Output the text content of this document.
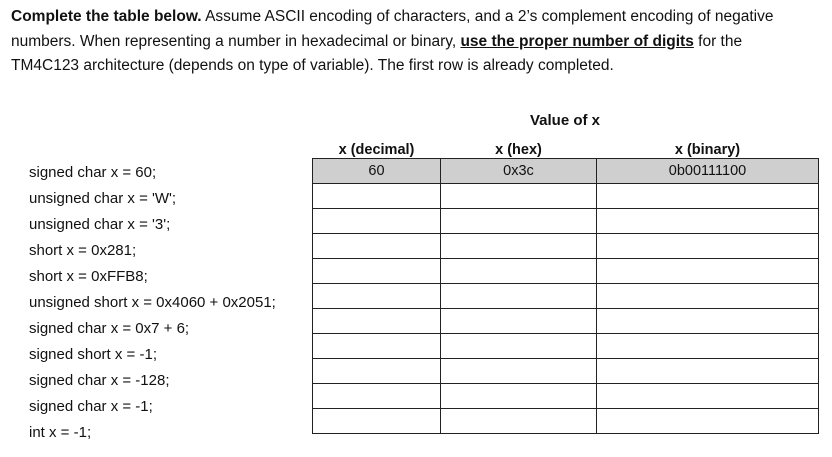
Complete the table below. Assume ASCII encoding of characters, and a 2’s complement encoding of negative numbers. When representing a number in hexadecimal or binary, use the proper number of digits for the TM4C123 architecture (depends on type of variable). The first row is already completed.

Value of x
signed char x = 60;
unsigned char x = 'W';
unsigned char x = '3';
short x = 0x281;
short x = 0xFFB8;
unsigned short x = 0x4060 + 0x2051;
signed char x = 0x7 + 6;
signed short x = -1;
signed char x = -128;
signed char x = -1;
int x = -1;
x (decimal)	x (hex)	x (binary)
60	0x3c	0b00111100
